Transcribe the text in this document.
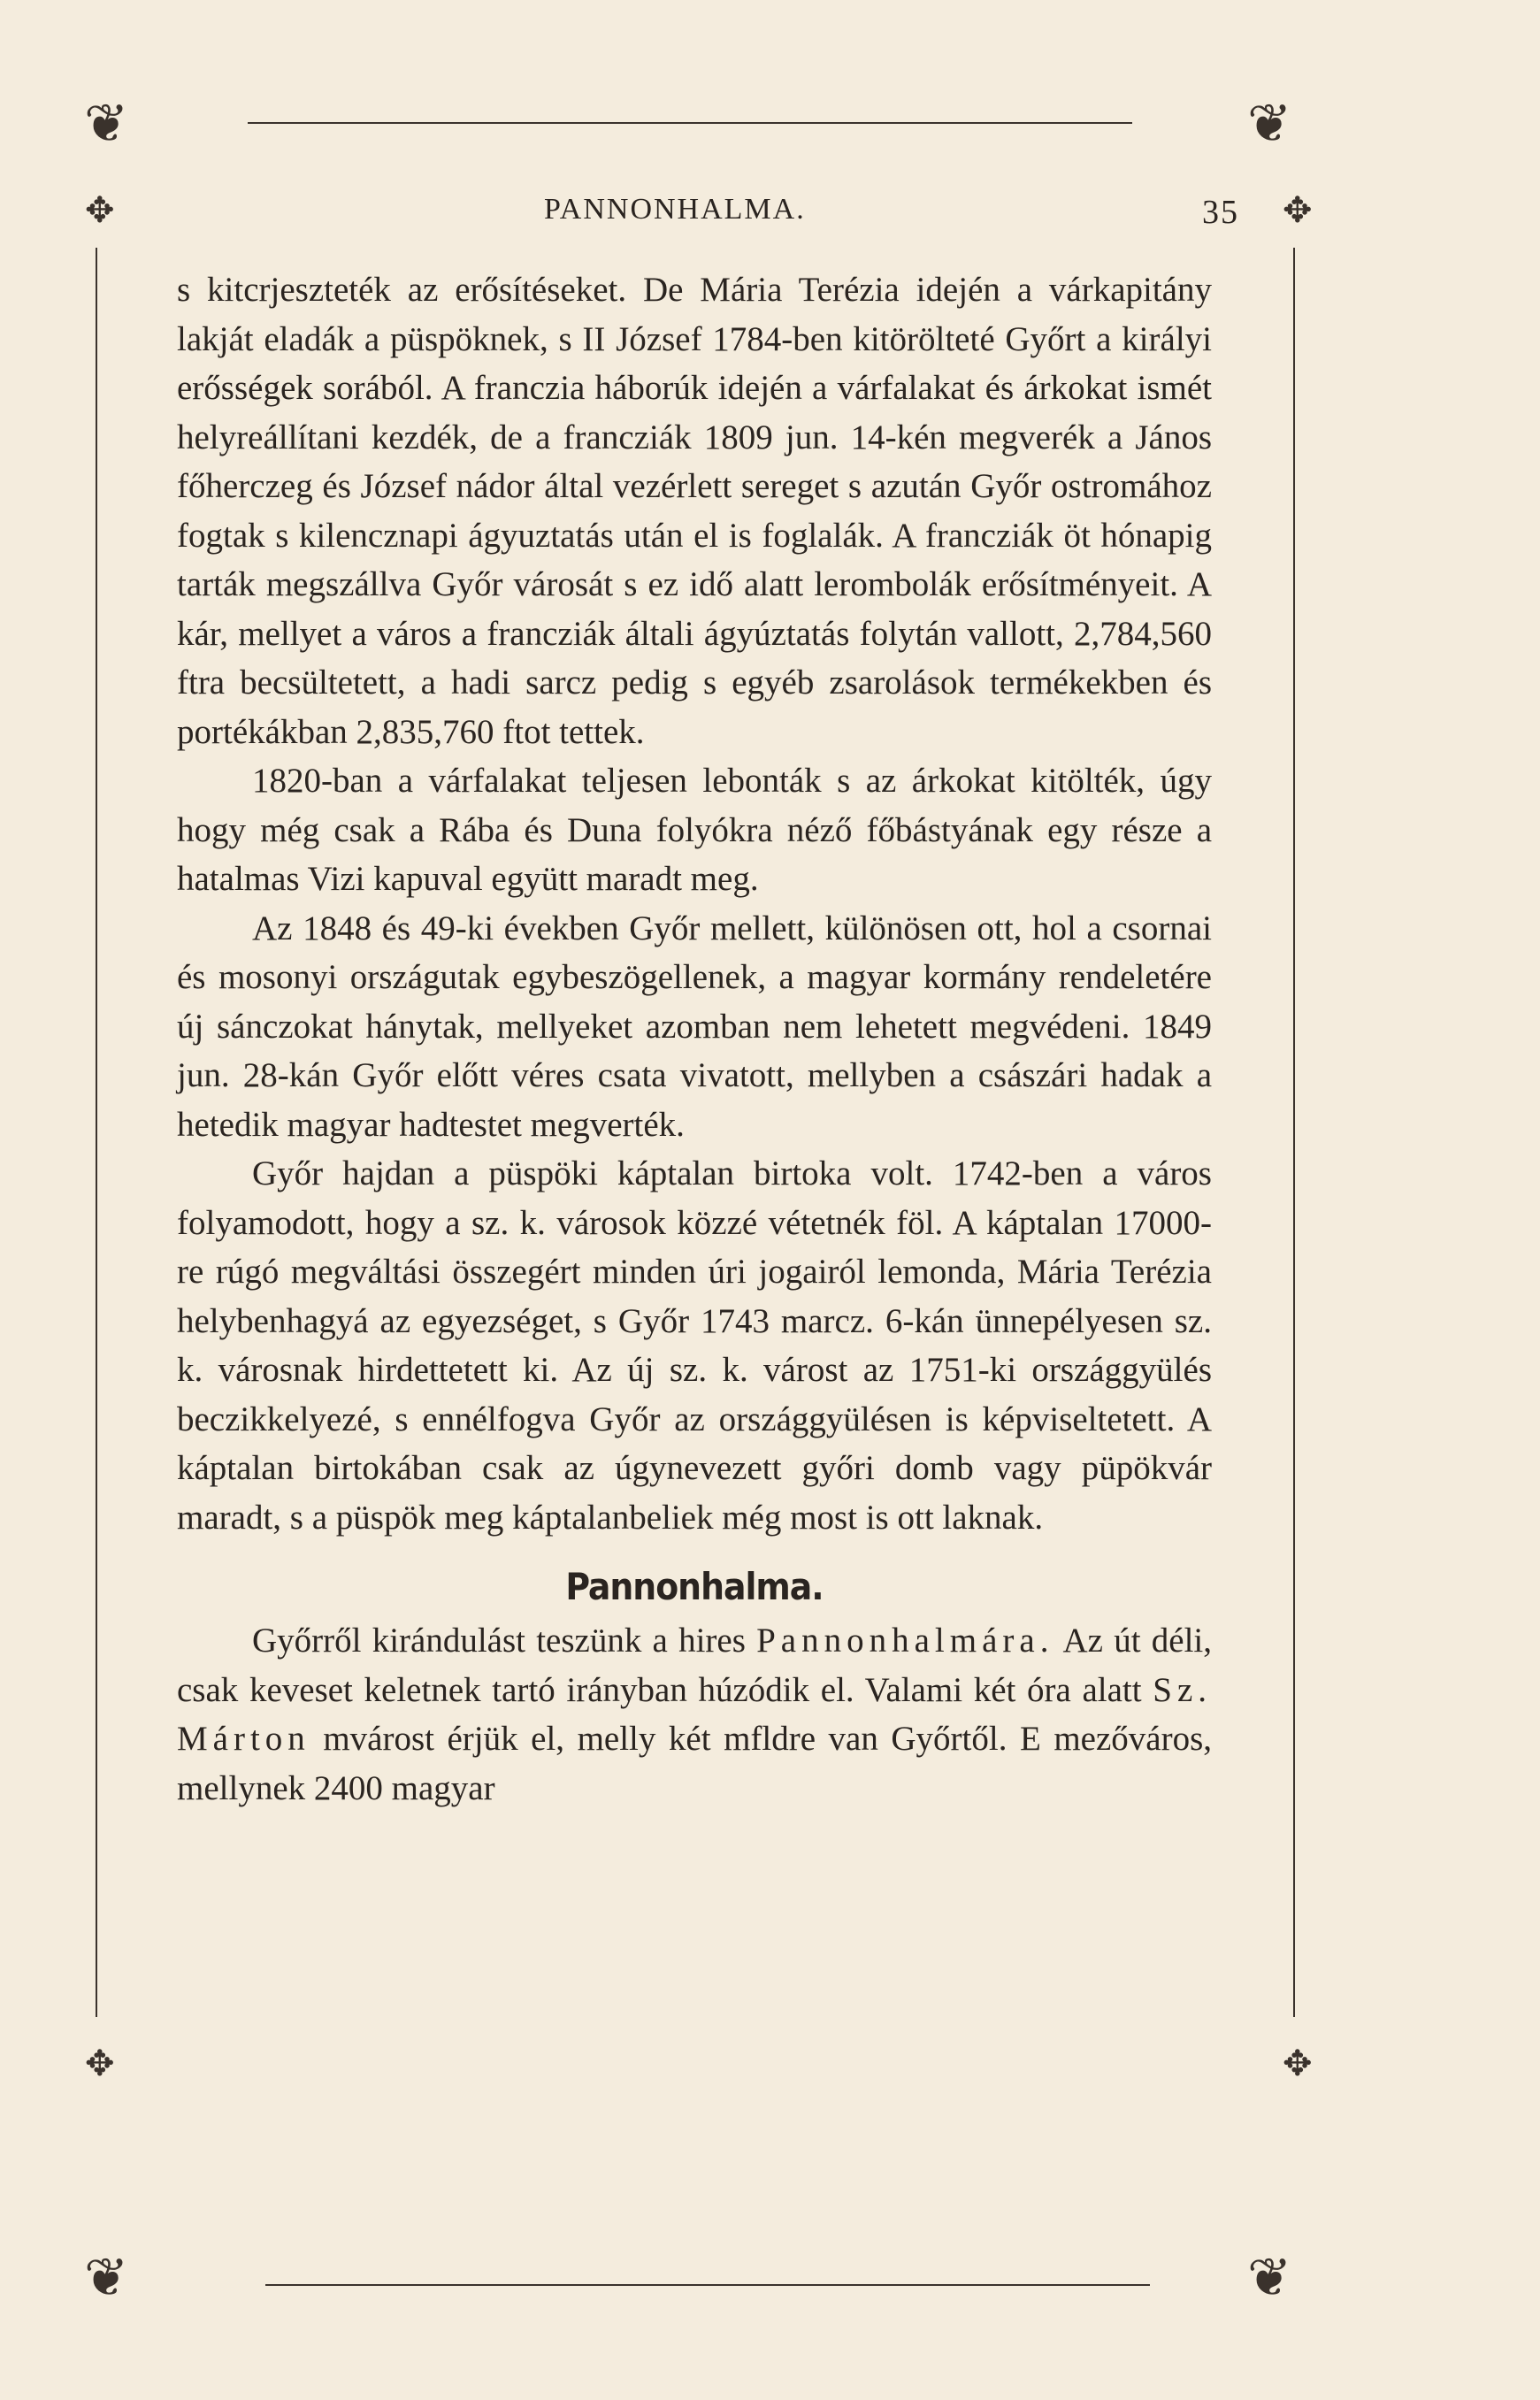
❦	❦
❦	❦
✥	✥
✥	✥
PANNONHALMA.	35

s kitcrjeszteték az erősítéseket. De Mária Terézia idején a várkapitány lakját eladák a püspöknek, s II József 1784-ben kitörölteté Győrt a királyi erősségek sorából. A franczia háborúk idején a várfalakat és árkokat ismét helyreállítani kezdék, de a francziák 1809 jun. 14-kén megverék a János főherczeg és József nádor által vezérlett sereget s azután Győr ostromához fogtak s kilencznapi ágyuztatás után el is foglalák. A francziák öt hónapig tarták megszállva Győr városát s ez idő alatt lerombolák erősítményeit. A kár, mellyet a város a francziák általi ágyúztatás folytán vallott, 2,784,560 ftra becsültetett, a hadi sarcz pedig s egyéb zsarolások termékekben és portékákban 2,835,760 ftot tettek.

1820-ban a várfalakat teljesen lebonták s az árkokat kitölték, úgy hogy még csak a Rába és Duna folyókra néző főbástyának egy része a hatalmas Vizi kapuval együtt maradt meg.

Az 1848 és 49-ki években Győr mellett, különösen ott, hol a csornai és mosonyi országutak egybeszögellenek, a magyar kormány rendeletére új sánczokat hánytak, mellyeket azomban nem lehetett megvédeni. 1849 jun. 28-kán Győr előtt véres csata vivatott, mellyben a császári hadak a hetedik magyar hadtestet megverték.

Győr hajdan a püspöki káptalan birtoka volt. 1742-ben a város folyamodott, hogy a sz. k. városok közzé vétetnék föl. A káptalan 17000-re rúgó megváltási összegért minden úri jogairól lemonda, Mária Terézia helybenhagyá az egyezséget, s Győr 1743 marcz. 6-kán ünnepélyesen sz. k. városnak hirdettetett ki. Az új sz. k. várost az 1751-ki országgyülés beczikkelyezé, s ennélfogva Győr az országgyülésen is képviseltetett. A káptalan birtokában csak az úgynevezett győri domb vagy püpökvár maradt, s a püspök meg káptalanbeliek még most is ott laknak.

Pannonhalma.

Győrről kirándulást teszünk a hires Pannonhalmára. Az út déli, csak keveset keletnek tartó irányban húzódik el. Valami két óra alatt Sz. Márton mvárost érjük el, melly két mfldre van Győrtől. E mezőváros, mellynek 2400 magyar
